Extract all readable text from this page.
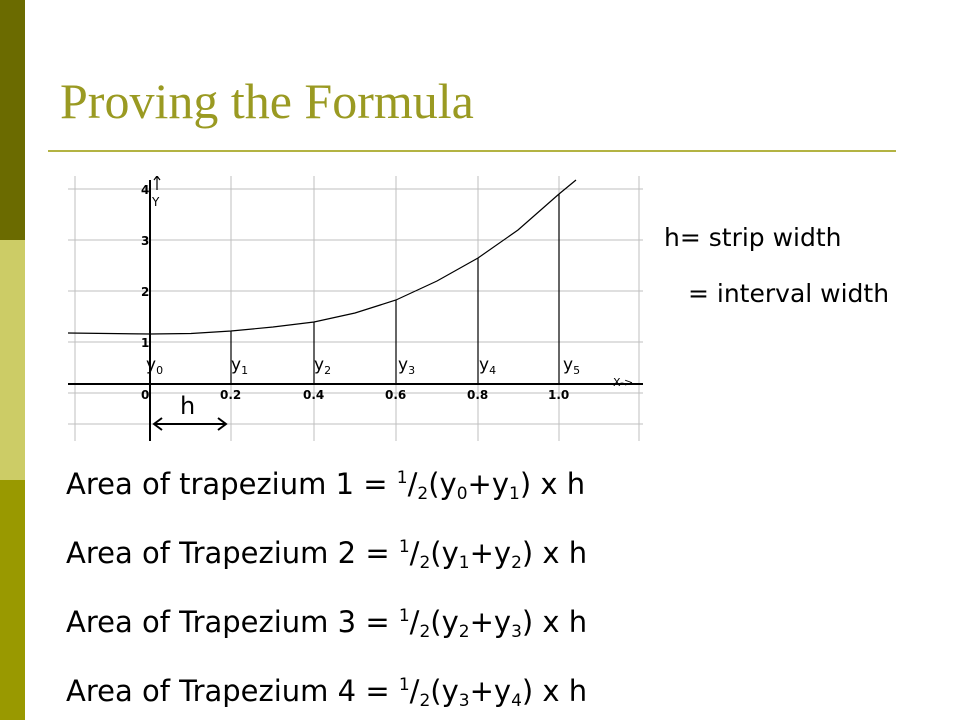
Proving the Formula
Y
X->
4
3
2
1
0	0.2	0.4	0.6	0.8	1.0
$y_0$	$y_1$	$y_2$	$y_3$	$y_4$	$y_5$
h
h= strip width
= interval width
Area of trapezium $1 = ^1/_2(y_0+y_1)$ x h
Area of Trapezium $2 = ^1/_2(y_1+y_2)$ x h
Area of Trapezium $3 = ^1/_2(y_2+y_3)$ x h
Area of Trapezium $4 = ^1/_2(y_3+y_4)$ x h
